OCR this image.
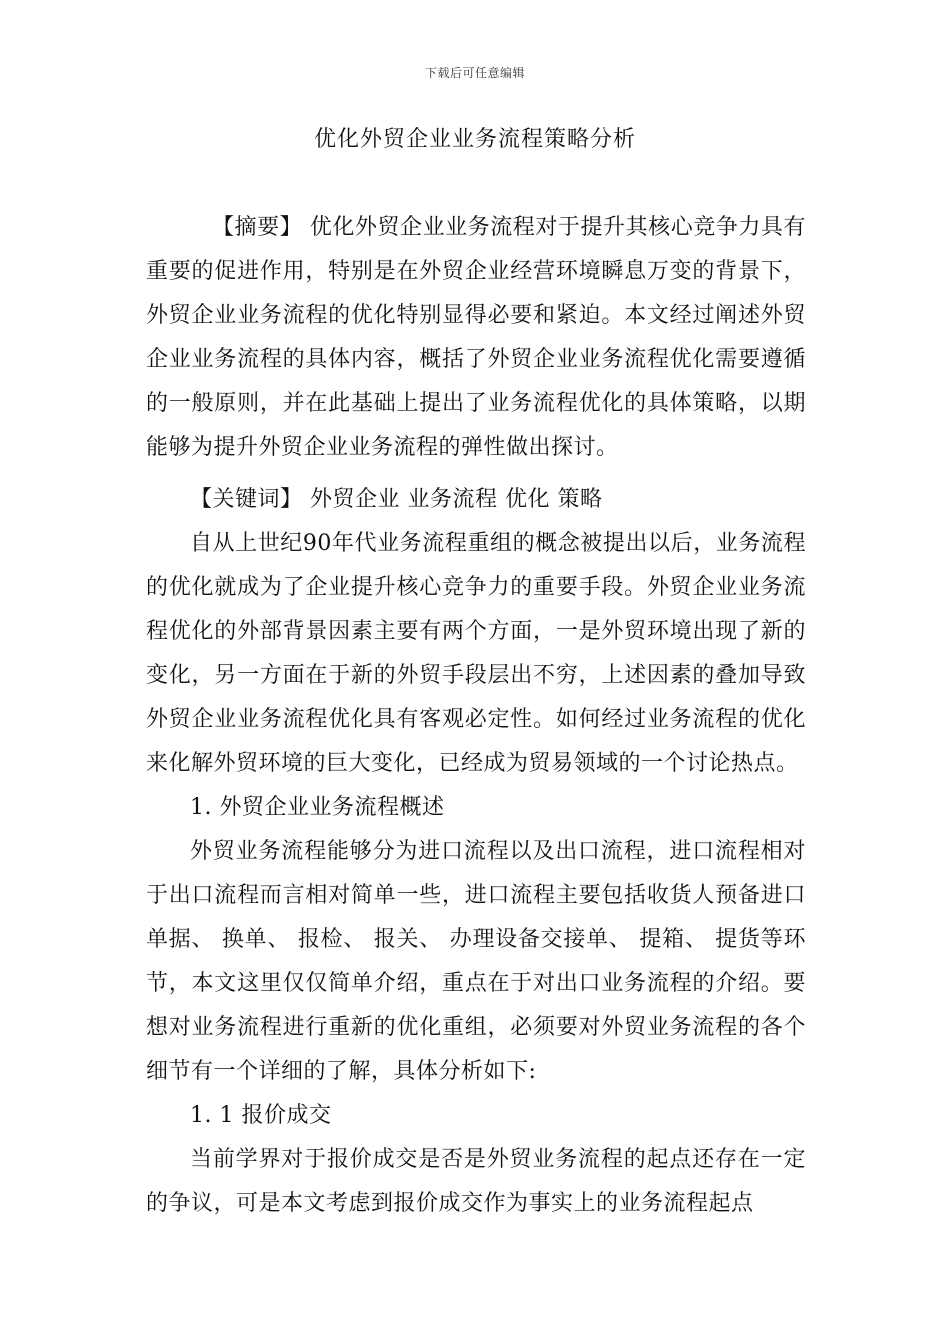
下载后可任意编辑
优化外贸企业业务流程策略分析

【摘要】 优化外贸企业业务流程对于提升其核心竞争力具有重要的促进作用，特别是在外贸企业经营环境瞬息万变的背景下，外贸企业业务流程的优化特别显得必要和紧迫。本文经过阐述外贸企业业务流程的具体内容，概括了外贸企业业务流程优化需要遵循的一般原则，并在此基础上提出了业务流程优化的具体策略，以期能够为提升外贸企业业务流程的弹性做出探讨。

【关键词】 外贸企业 业务流程 优化 策略

自从上世纪90年代业务流程重组的概念被提出以后，业务流程的优化就成为了企业提升核心竞争力的重要手段。外贸企业业务流程优化的外部背景因素主要有两个方面，一是外贸环境出现了新的变化，另一方面在于新的外贸手段层出不穷，上述因素的叠加导致外贸企业业务流程优化具有客观必定性。如何经过业务流程的优化来化解外贸环境的巨大变化，已经成为贸易领域的一个讨论热点。

1. 外贸企业业务流程概述

外贸业务流程能够分为进口流程以及出口流程，进口流程相对于出口流程而言相对简单一些，进口流程主要包括收货人预备进口单据、 换单、 报检、 报关、 办理设备交接单、 提箱、 提货等环节，本文这里仅仅简单介绍，重点在于对出口业务流程的介绍。要想对业务流程进行重新的优化重组，必须要对外贸业务流程的各个细节有一个详细的了解，具体分析如下:

1. 1 报价成交

当前学界对于报价成交是否是外贸业务流程的起点还存在一定的争议，可是本文考虑到报价成交作为事实上的业务流程起点
